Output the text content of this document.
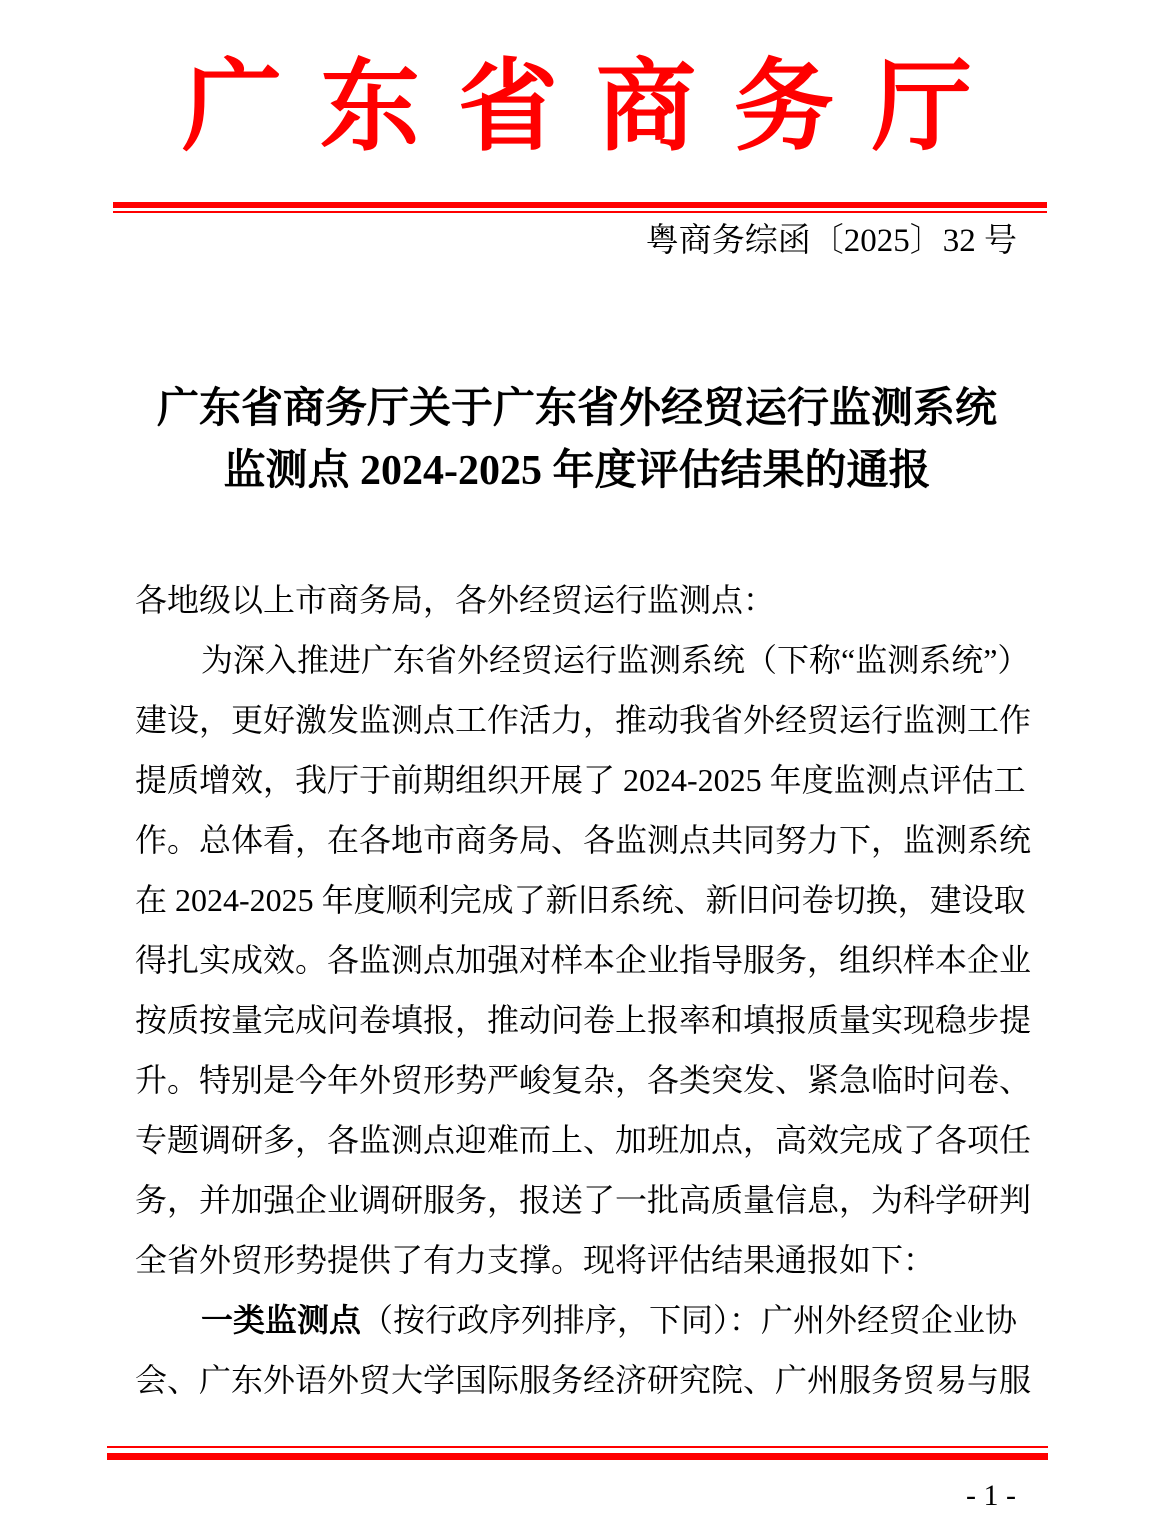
广东省商务厅
粤商务综函〔2025〕32 号
广东省商务厅关于广东省外经贸运行监测系统
监测点 2024-2025 年度评估结果的通报
各地级以上市商务局，各外经贸运行监测点：
为深入推进广东省外经贸运行监测系统（下称“监测系统”）
建设，更好激发监测点工作活力，推动我省外经贸运行监测工作
提质增效，我厅于前期组织开展了 2024-2025 年度监测点评估工
作。总体看，在各地市商务局、各监测点共同努力下，监测系统
在 2024-2025 年度顺利完成了新旧系统、新旧问卷切换，建设取
得扎实成效。各监测点加强对样本企业指导服务，组织样本企业
按质按量完成问卷填报，推动问卷上报率和填报质量实现稳步提
升。特别是今年外贸形势严峻复杂，各类突发、紧急临时问卷、
专题调研多，各监测点迎难而上、加班加点，高效完成了各项任
务，并加强企业调研服务，报送了一批高质量信息，为科学研判
全省外贸形势提供了有力支撑。现将评估结果通报如下：
一类监测点（按行政序列排序，下同）：广州外经贸企业协
会、广东外语外贸大学国际服务经济研究院、广州服务贸易与服
- 1 -
